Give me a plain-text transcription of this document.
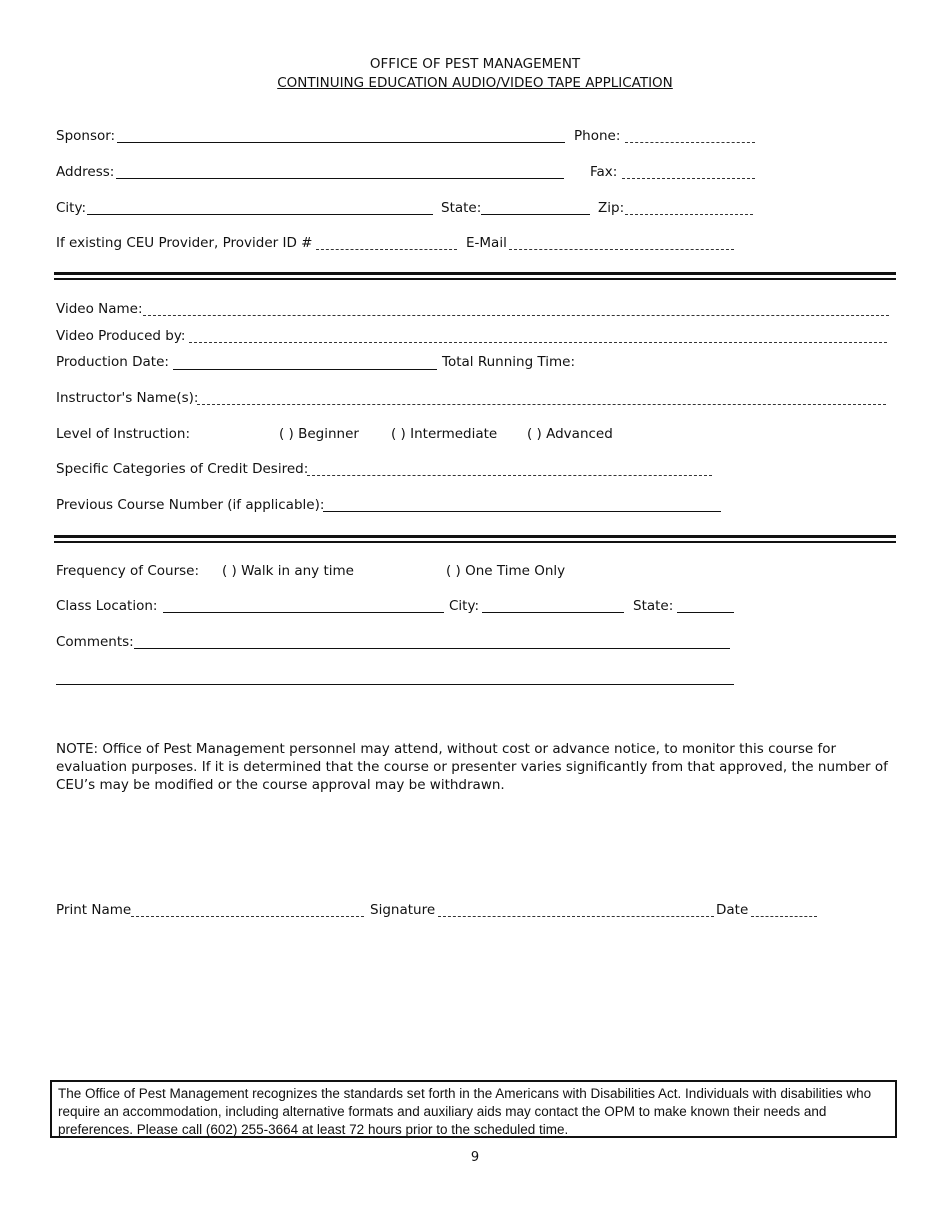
OFFICE OF PEST MANAGEMENT
CONTINUING EDUCATION AUDIO/VIDEO TAPE APPLICATION
Sponsor:	Phone:
Address:	Fax:
City:	State:	Zip:
If existing CEU Provider, Provider ID #	E-Mail
Video Name:
Video Produced by:
Production Date:	Total Running Time:
Instructor's Name(s):
Level of Instruction:	( ) Beginner ( ) Intermediate ( ) Advanced
Specific Categories of Credit Desired:
Previous Course Number (if applicable):
Frequency of Course: ( ) Walk in any time	( ) One Time Only
Class Location:	City:	State:
Comments:
NOTE: Office of Pest Management personnel may attend, without cost or advance notice, to monitor this course for evaluation purposes. If it is determined that the course or presenter varies significantly from that approved, the number of CEU’s may be modified or the course approval may be withdrawn.
Print Name	Signature	Date
The Office of Pest Management recognizes the standards set forth in the Americans with Disabilities Act. Individuals with disabilities who require an accommodation, including alternative formats and auxiliary aids may contact the OPM to make known their needs and preferences. Please call (602) 255-3664 at least 72 hours prior to the scheduled time.
9
